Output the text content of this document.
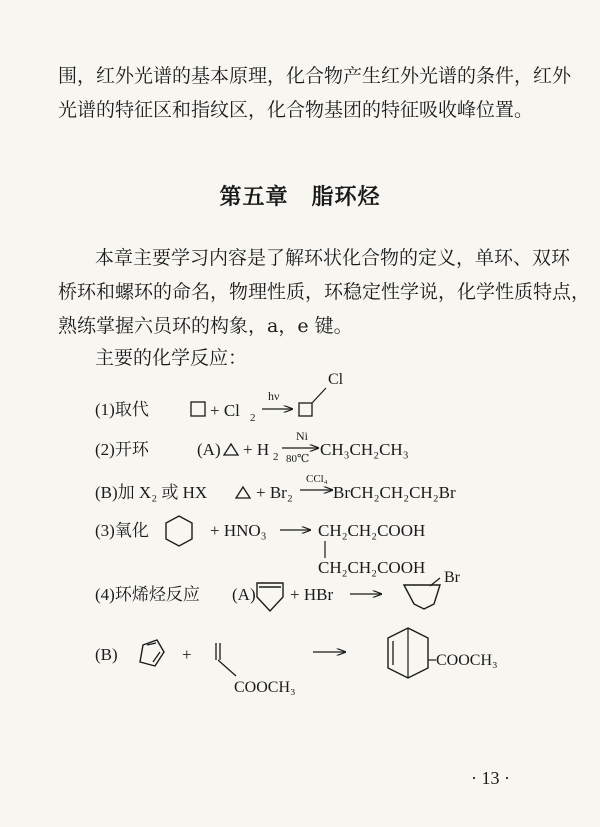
围，红外光谱的基本原理，化合物产生红外光谱的条件，红外
光谱的特征区和指纹区，化合物基团的特征吸收峰位置。
第五章　脂环烃
本章主要学习内容是了解环状化合物的定义，单环、双环
桥环和螺环的命名，物理性质，环稳定性学说，化学性质特点，
熟练掌握六员环的构象，a，e 键。
主要的化学反应：
(1)取代	+ Cl 2
hν
Cl
(2)开环	(A) + H 2
Ni
80℃ CH₃CH₂CH₃
(B)加 X₂ 或 HX	+ Br₂
CCl₄
BrCH₂CH₂CH₂Br
(3)氧化	+ HNO₃	CH₂CH₂COOH
CH₂CH₂COOH
(4)环烯烃反应 (A) + HBr
Br
(B)	+
COOCH₃
COOCH₃
· 13 ·
